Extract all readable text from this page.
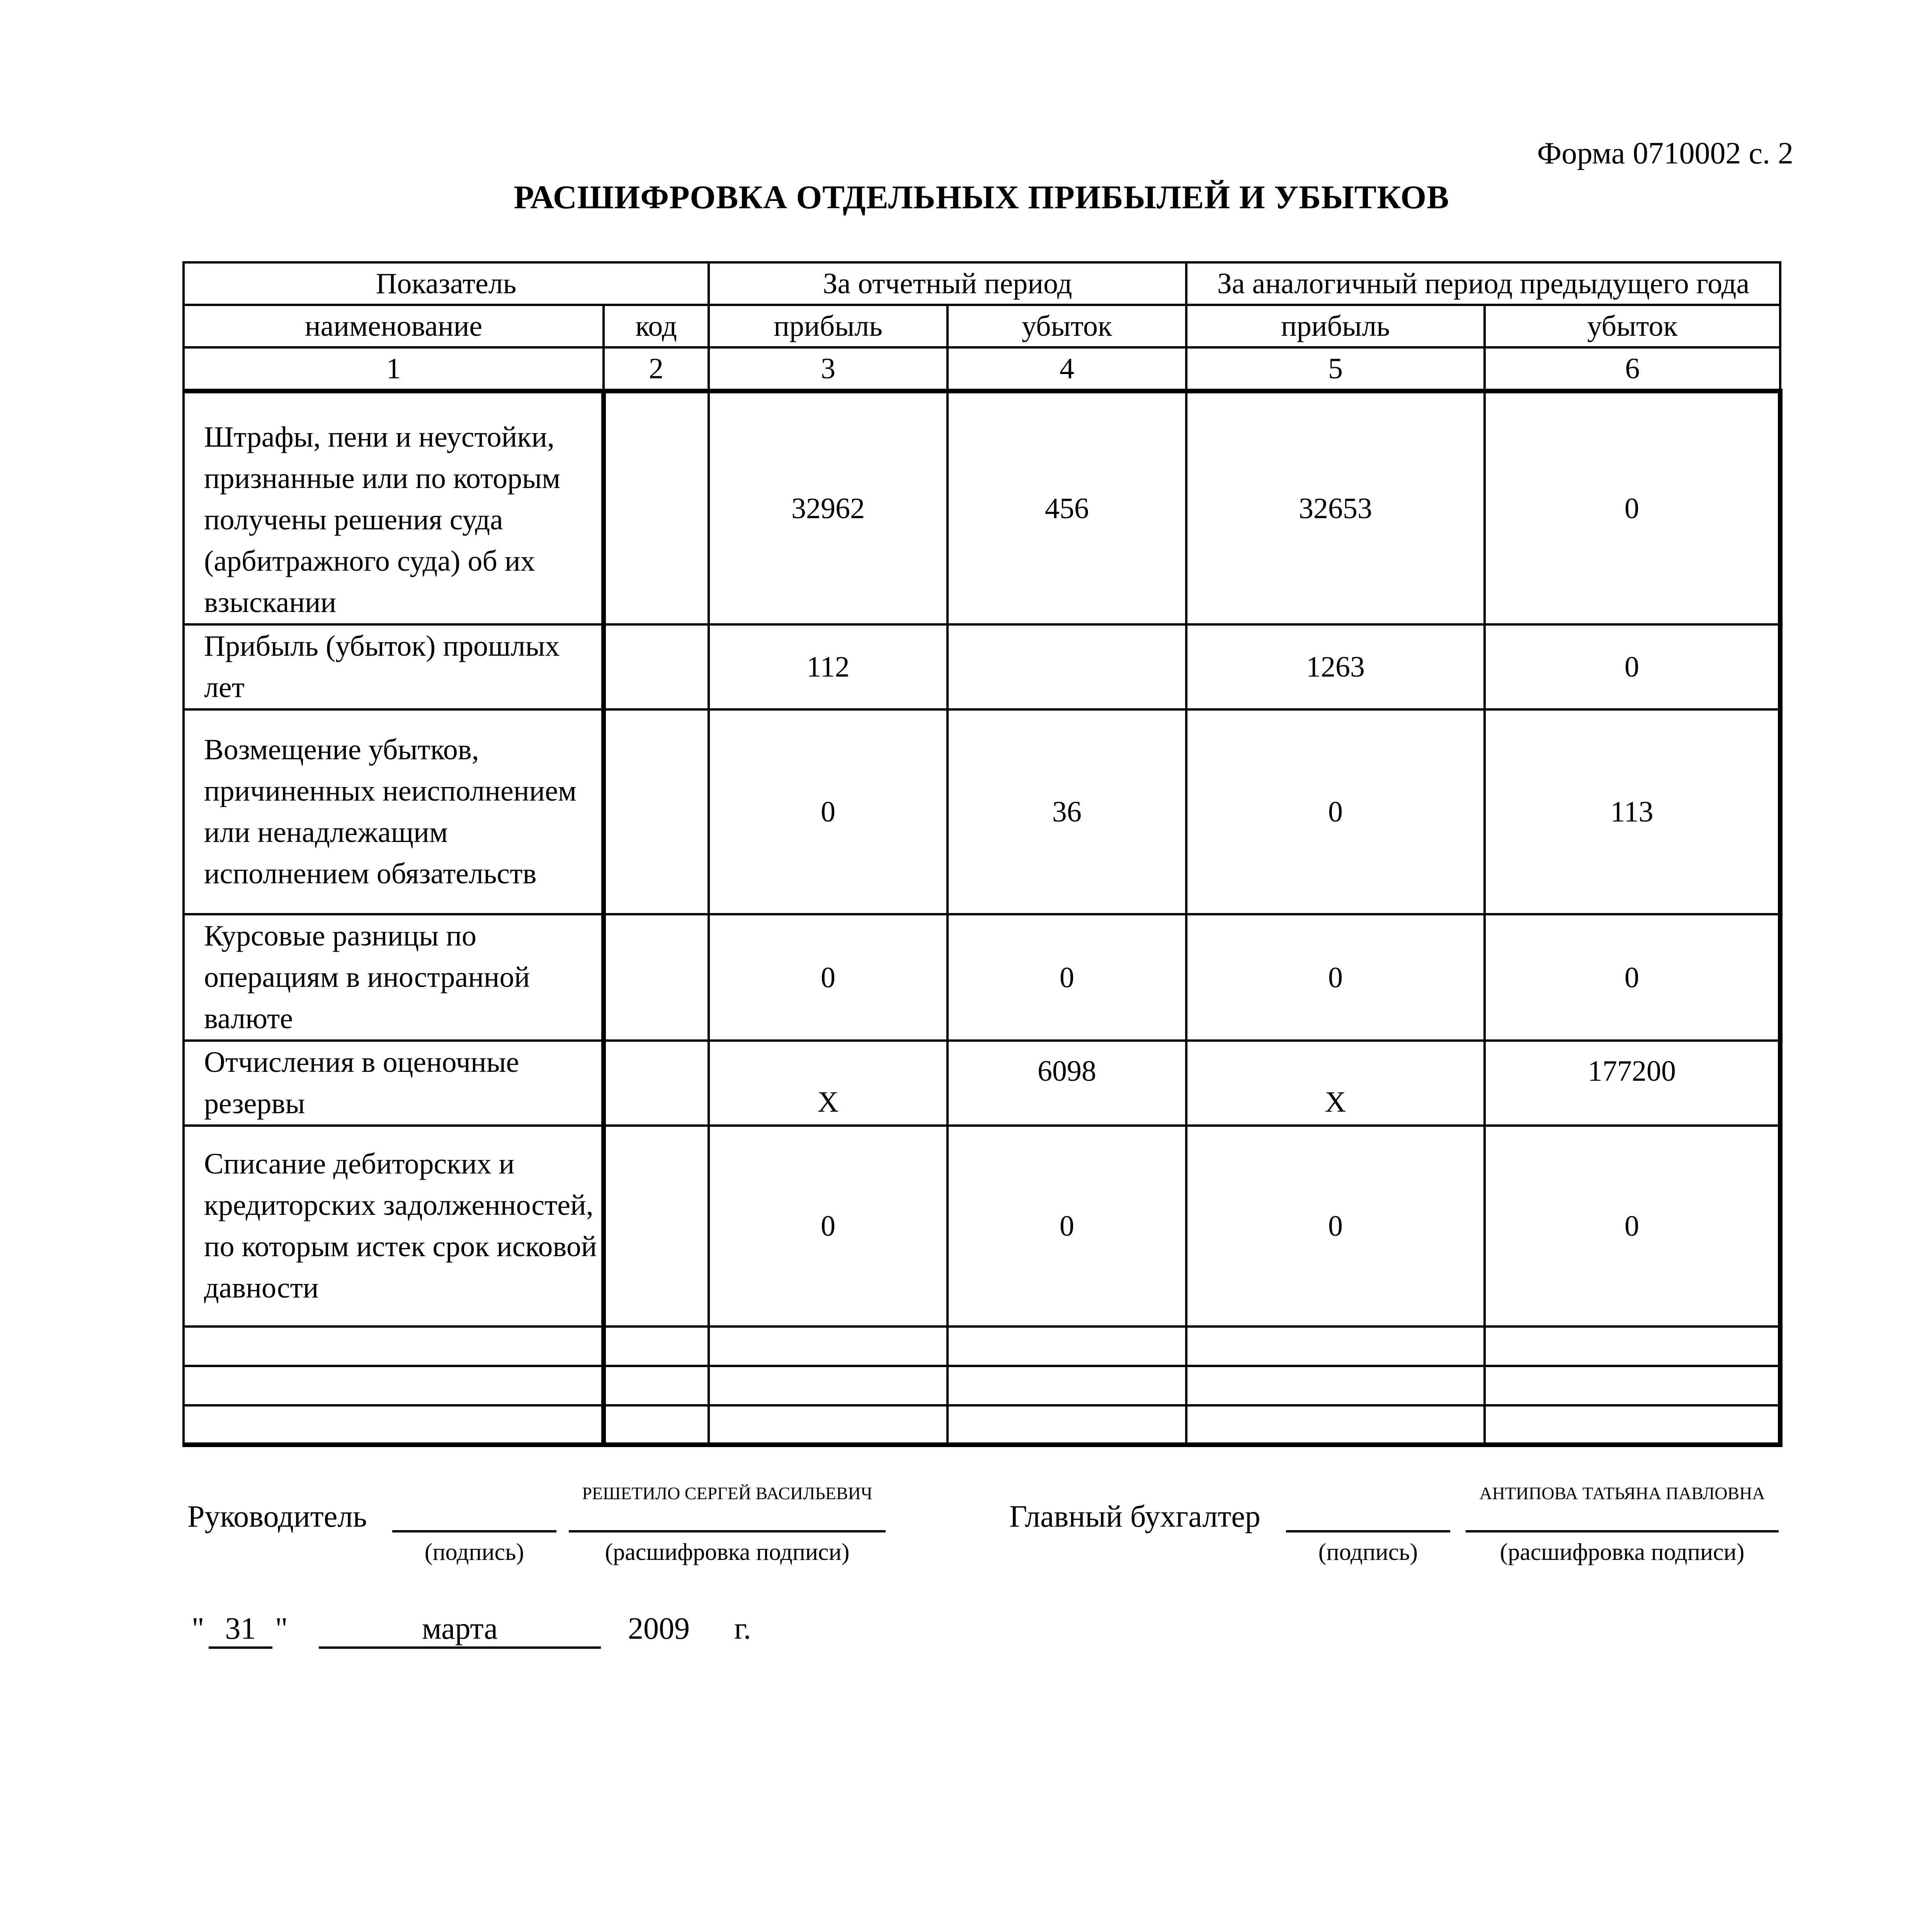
Форма 0710002 с. 2
РАСШИФРОВКА ОТДЕЛЬНЫХ ПРИБЫЛЕЙ И УБЫТКОВ
Показатель		За отчетный период		За аналогичный период предыдущего года	
наименование	код	прибыль	убыток	прибыль	убыток
1	2	3	4	5	6
Штрафы, пени и неустойки, признанные или по которым получены решения суда (арбитражного суда) об их взыскании		32962	456	32653	0
Прибыль (убыток) прошлых лет		112		1263	0
Возмещение убытков, причиненных неисполнением или ненадлежащим исполнением обязательств		0	36	0	113
Курсовые разницы по операциям в иностранной валюте		0	0	0	0
Отчисления в оценочные резервы		X	6098	X	177200
Списание дебиторских и кредиторских задолженностей, по которым истек срок исковой давности		0	0	0	0

Руководитель
РЕШЕТИЛО СЕРГЕЙ ВАСИЛЬЕВИЧ
(подпись)	(расшифровка подписи)
Главный бухгалтер
АНТИПОВА ТАТЬЯНА ПАВЛОВНА
(подпись)	(расшифровка подписи)
" 31 "	марта	2009 г.
